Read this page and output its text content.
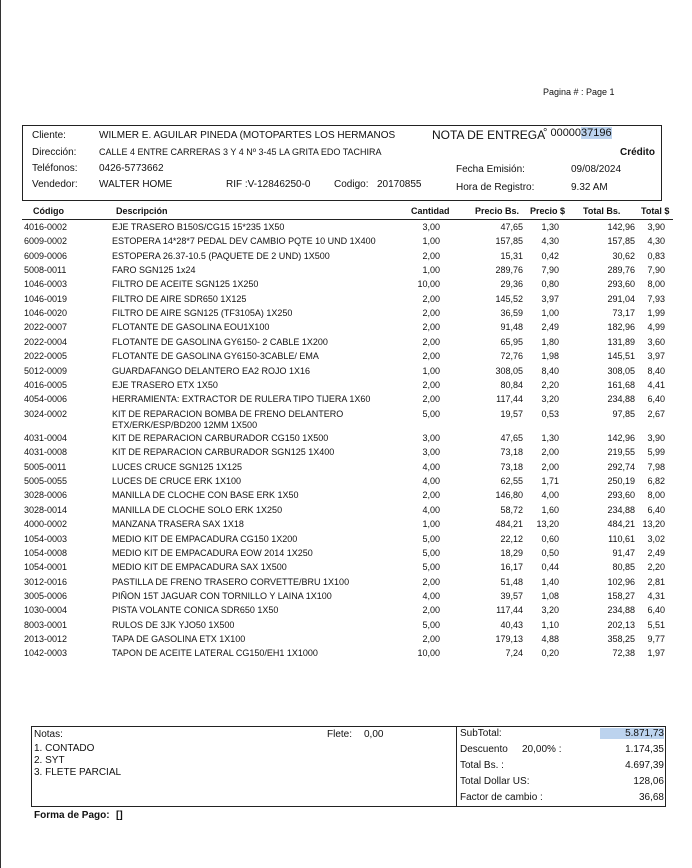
Pagina # : Page 1
Cliente:	WILMER E. AGUILAR PINEDA (MOTOPARTES LOS HERMANOS	NOTA DE ENTREGA
° 0000037196
Dirección:	CALLE 4 ENTRE CARRERAS 3 Y 4 Nº 3-45 LA GRITA EDO TACHIRA	Crédito
Teléfonos: 0426-5773662	Fecha Emisión:	09/08/2024
Vendedor: WALTER HOME	RIF :V-12846250-0 Codigo: 20170855	Hora de Registro:	9.32 AM
Código	Descripción	Cantidad	Precio Bs. Precio $ Total Bs. Total $
4016-0002	EJE TRASERO B150S/CG15 15*235 1X50	3,00	47,65	1,30	142,96	3,90
6009-0002	ESTOPERA 14*28*7 PEDAL DEV CAMBIO PQTE 10 UND 1X400	1,00	157,85	4,30	157,85	4,30
6009-0006	ESTOPERA 26.37-10.5 (PAQUETE DE 2 UND) 1X500	2,00	15,31	0,42	30,62	0,83
5008-0011	FARO SGN125 1x24	1,00	289,76	7,90	289,76	7,90
1046-0003	FILTRO DE ACEITE SGN125 1X250	10,00	29,36	0,80	293,60	8,00
1046-0019	FILTRO DE AIRE SDR650 1X125	2,00	145,52	3,97	291,04	7,93
1046-0020	FILTRO DE AIRE SGN125 (TF3105A) 1X250	2,00	36,59	1,00	73,17	1,99
2022-0007	FLOTANTE DE GASOLINA EOU1X100	2,00	91,48	2,49	182,96	4,99
2022-0004	FLOTANTE DE GASOLINA GY6150- 2 CABLE 1X200	2,00	65,95	1,80	131,89	3,60
2022-0005	FLOTANTE DE GASOLINA GY6150-3CABLE/ EMA	2,00	72,76	1,98	145,51	3,97
5012-0009	GUARDAFANGO DELANTERO EA2 ROJO 1X16	1,00	308,05	8,40	308,05	8,40
4016-0005	EJE TRASERO ETX 1X50	2,00	80,84	2,20	161,68	4,41
4054-0006	HERRAMIENTA: EXTRACTOR DE RULERA TIPO TIJERA 1X60	2,00	117,44	3,20	234,88	6,40
3024-0002	KIT DE REPARACION BOMBA DE FRENO DELANTERO	5,00	19,57	0,53	97,85	2,67
ETX/ERK/ESP/BD200 12MM 1X500
4031-0004	KIT DE REPARACION CARBURADOR CG150 1X500	3,00	47,65	1,30	142,96	3,90
4031-0008	KIT DE REPARACION CARBURADOR SGN125 1X400	3,00	73,18	2,00	219,55	5,99
5005-0011	LUCES CRUCE SGN125 1X125	4,00	73,18	2,00	292,74	7,98
5005-0055	LUCES DE CRUCE ERK 1X100	4,00	62,55	1,71	250,19	6,82
3028-0006	MANILLA DE CLOCHE CON BASE ERK 1X50	2,00	146,80	4,00	293,60	8,00
3028-0014	MANILLA DE CLOCHE SOLO ERK 1X250	4,00	58,72	1,60	234,88	6,40
4000-0002	MANZANA TRASERA SAX 1X18	1,00	484,21	13,20	484,21 13,20
1054-0003	MEDIO KIT DE EMPACADURA CG150 1X200	5,00	22,12	0,60	110,61	3,02
1054-0008	MEDIO KIT DE EMPACADURA EOW 2014 1X250	5,00	18,29	0,50	91,47	2,49
1054-0001	MEDIO KIT DE EMPACADURA SAX 1X500	5,00	16,17	0,44	80,85	2,20
3012-0016	PASTILLA DE FRENO TRASERO CORVETTE/BRU 1X100	2,00	51,48	1,40	102,96	2,81
3005-0006	PIÑON 15T JAGUAR CON TORNILLO Y LAINA 1X100	4,00	39,57	1,08	158,27	4,31
1030-0004	PISTA VOLANTE CONICA SDR650 1X50	2,00	117,44	3,20	234,88	6,40
8003-0001	RULOS DE 3JK YJO50 1X500	5,00	40,43	1,10	202,13	5,51
2013-0012	TAPA DE GASOLINA ETX 1X100	2,00	179,13	4,88	358,25	9,77
1042-0003	TAPON DE ACEITE LATERAL CG150/EH1 1X1000	10,00	7,24	0,20	72,38	1,97
Notas:
1. CONTADO
2. SYT
3. FLETE PARCIAL
Flete: 0,00	SubTotal:	5.871,73
Descuento 20,00% :	1.174,35
Total Bs. :	4.697,39
Total Dollar US:	128,06
Factor de cambio :	36,68
Forma de Pago: []
